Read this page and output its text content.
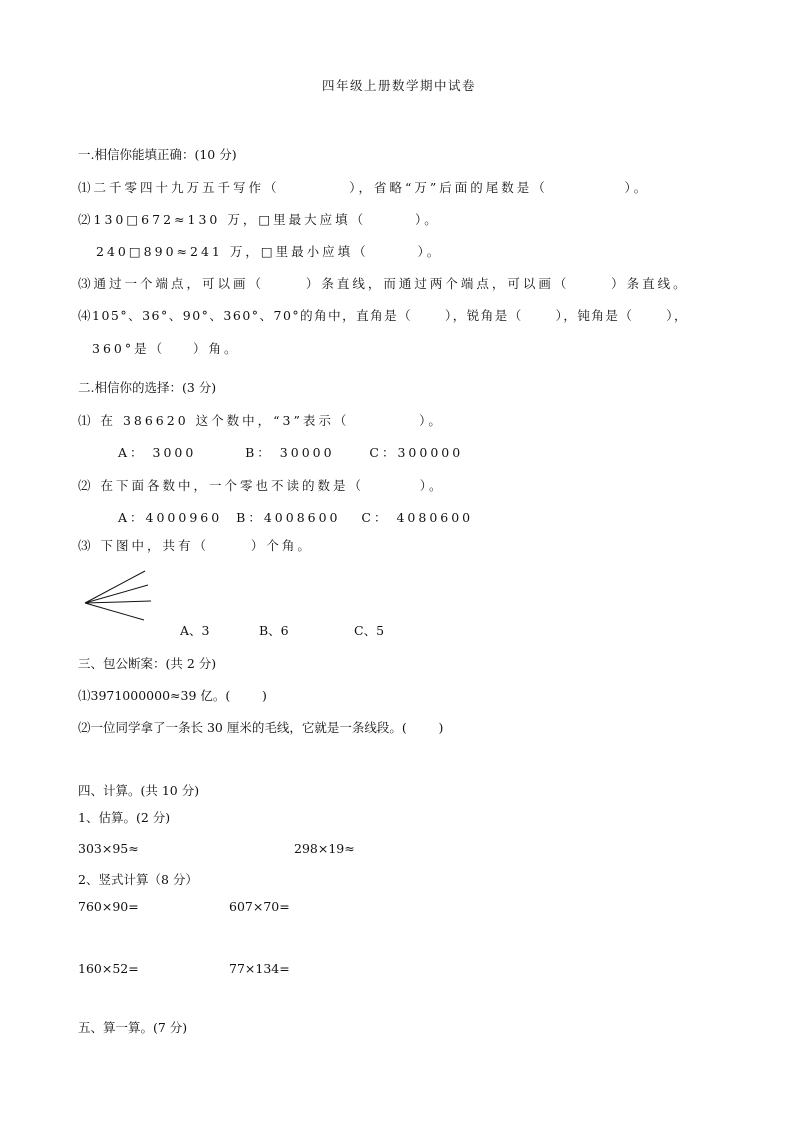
四年级上册数学期中试卷
一.相信你能填正确：(10 分)
⑴二千零四十九万五千写作（          ），省略“万”后面的尾数是（           ）。
⑵130□672≈130 万，□里最大应填（       ）。
240□890≈241 万，□里最小应填（       ）。
⑶通过一个端点，可以画（      ）条直线，而通过两个端点，可以画（      ）条直线。
⑷105°、36°、90°、360°、70°的角中，直角是（      ），锐角是（      ），钝角是（      ），
360°是（    ）角。
二.相信你的选择：(3 分)
⑴ 在 386620 这个数中，“3”表示（          ）。
A： 3000       B： 30000     C：300000
⑵ 在下面各数中，一个零也不读的数是（        ）。
A：4000960  B：4008600   C： 4080600
⑶ 下图中，共有（      ）个角。
A、3	B、6	C、5
三、包公断案：(共 2 分)
⑴3971000000≈39 亿。(        )
⑵一位同学拿了一条长 30 厘米的毛线，它就是一条线段。(        )
四、计算。(共 10 分)
1、估算。(2 分)
303×95≈	298×19≈
2、竖式计算（8 分）
760×90=	607×70=
160×52=	77×134=
五、算一算。(7 分)
